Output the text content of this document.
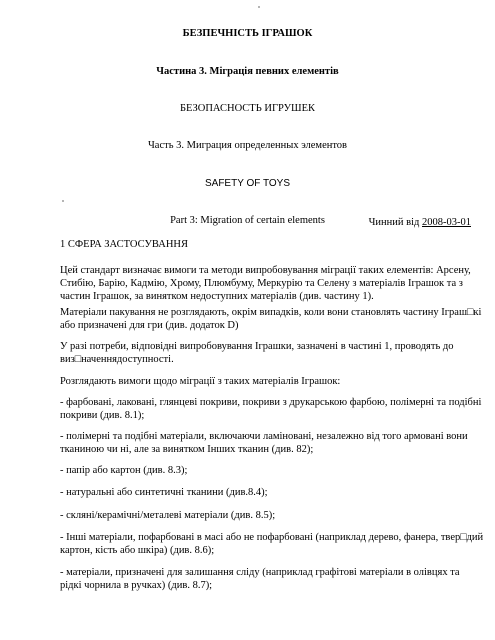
БЕЗПЕЧНІСТЬ ІГРАШОК
Частина 3. Міграція певних елементів
БЕЗОПАСНОСТЬ ИГРУШЕК
Часть 3. Миграция определенных элементов
SAFETY OF TOYS
Part 3: Migration of certain elements	Чинний від 2008-03-01
1 СФЕРА ЗАСТОСУВАННЯ
Цей стандарт визначає вимоги та методи випробовування міграції таких елементів: Арсену,
Стибію, Барію, Кадмію, Хрому, Плюмбуму, Меркурію та Селену з матеріалів Іграшок та з
частин Іграшок, за винятком недоступних матеріалів (див. частину 1).
Матеріали пакування не розглядають, окрім випадків, коли вони становлять частину Іграш□кі
або призначені для гри (див. додаток D)
У разі потреби, відповідні випробовування Іграшки, зазначені в частині 1, проводять до
виз□наченнядоступності.
Розглядають вимоги щодо міграції з таких матеріалів Іграшок:
- фарбовані, лаковані, глянцеві покриви, покриви з друкарською фарбою, полімерні та подібні
покриви (див. 8.1);
- полімерні та подібні матеріали, включаючи ламіновані, незалежно від того армовані вони
тканиною чи ні, але за винятком Інших тканин (див. 82);
- папір або картон (див. 8.3);
- натуральні або синтетичні тканини (див.8.4);
- скляні/керамічні/металеві матеріали (див. 8.5);
- Інші матеріали, пофарбовані в масі або не пофарбовані (наприклад дерево, фанера, твер□дий
картон, кість або шкіра) (див. 8.6);
- матеріали, призначені для залишання сліду (наприклад графітові матеріали в олівцях та
рідкі чорнила в ручках) (див. 8.7);
